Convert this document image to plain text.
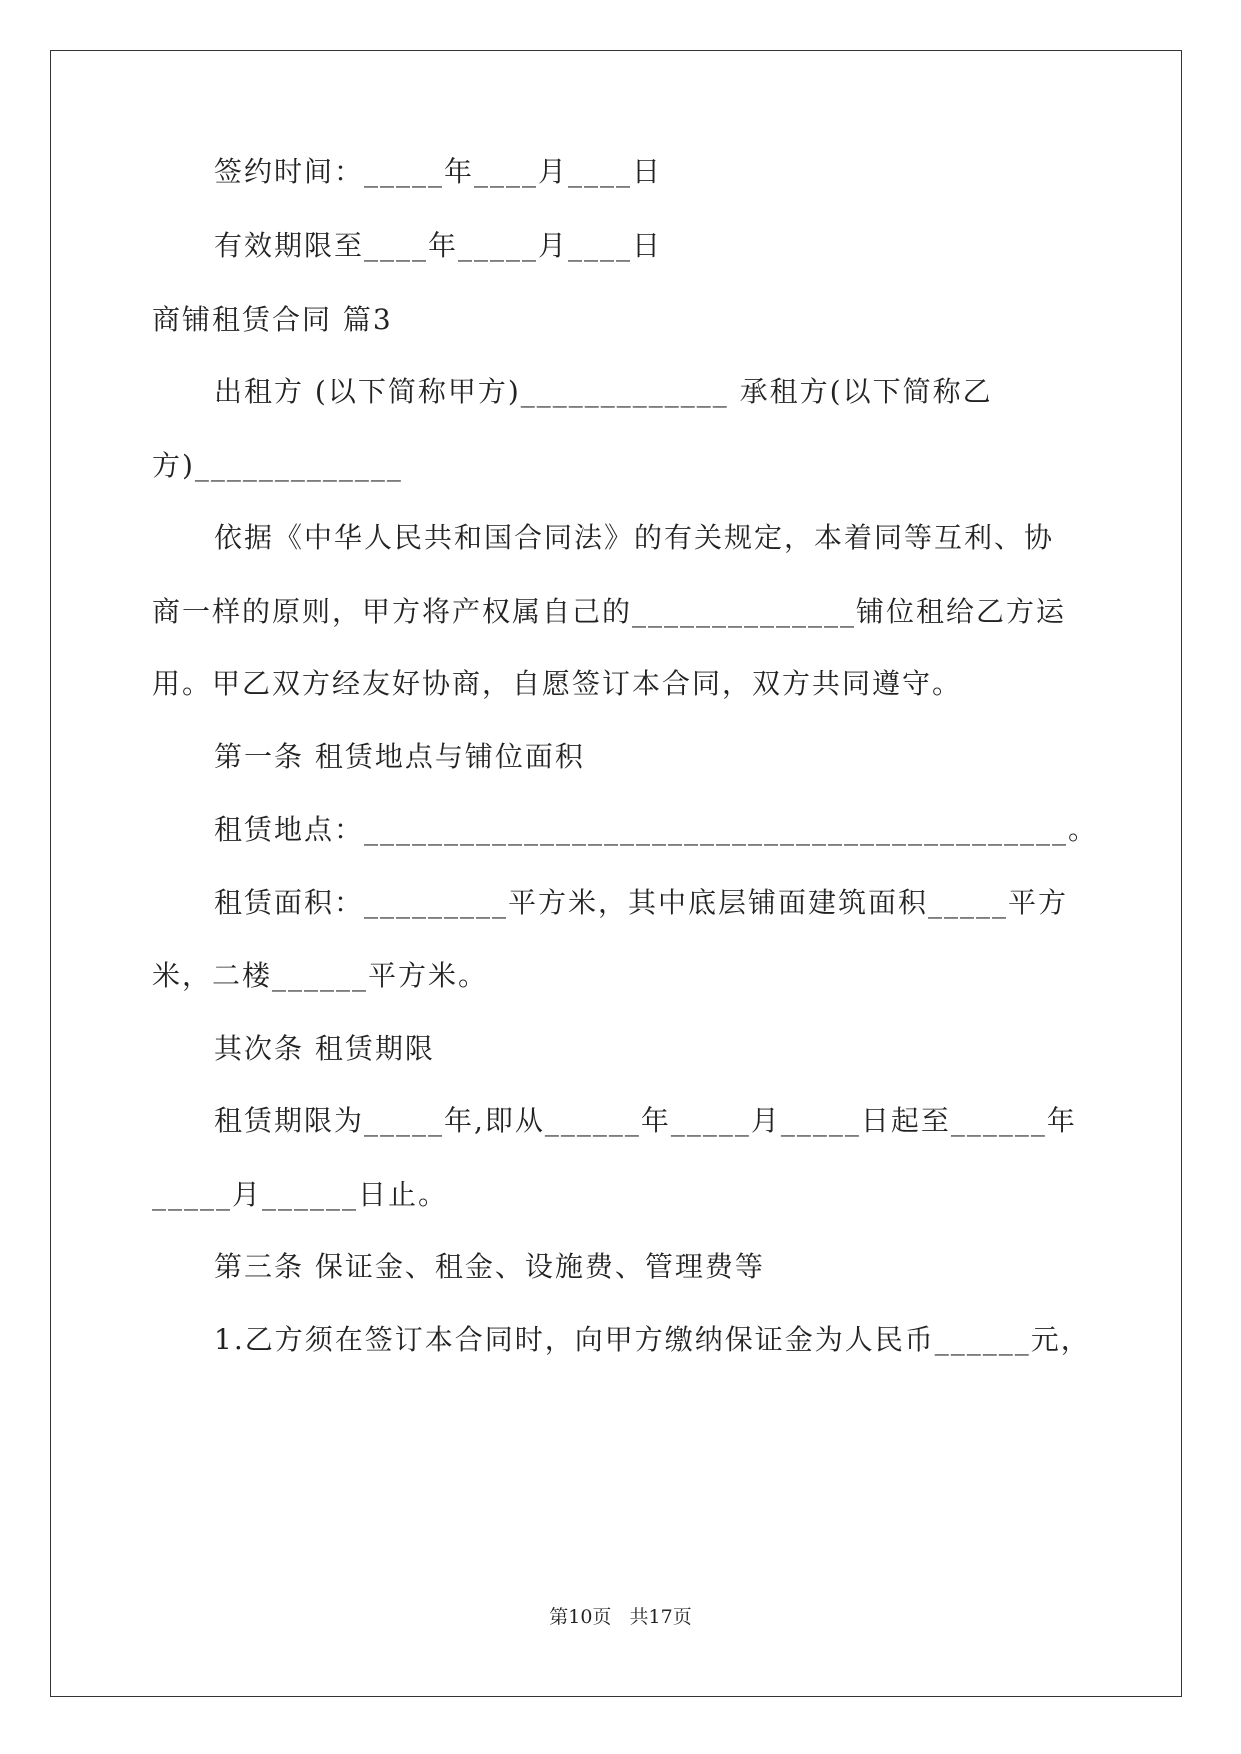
签约时间：_____年____月____日
有效期限至____年_____月____日
商铺租赁合同 篇3
出租方 (以下简称甲方)_____________ 承租方(以下简称乙
方)_____________
依据《中华人民共和国合同法》的有关规定，本着同等互利、协
商一样的原则，甲方将产权属自己的______________铺位租给乙方运
用。甲乙双方经友好协商，自愿签订本合同，双方共同遵守。
第一条 租赁地点与铺位面积
租赁地点：____________________________________________。
租赁面积：_________平方米，其中底层铺面建筑面积_____平方
米，二楼______平方米。
其次条 租赁期限
租赁期限为_____年,即从______年_____月_____日起至______年
_____月______日止。
第三条 保证金、租金、设施费、管理费等
1.乙方须在签订本合同时，向甲方缴纳保证金为人民币______元，
第10页   共17页
